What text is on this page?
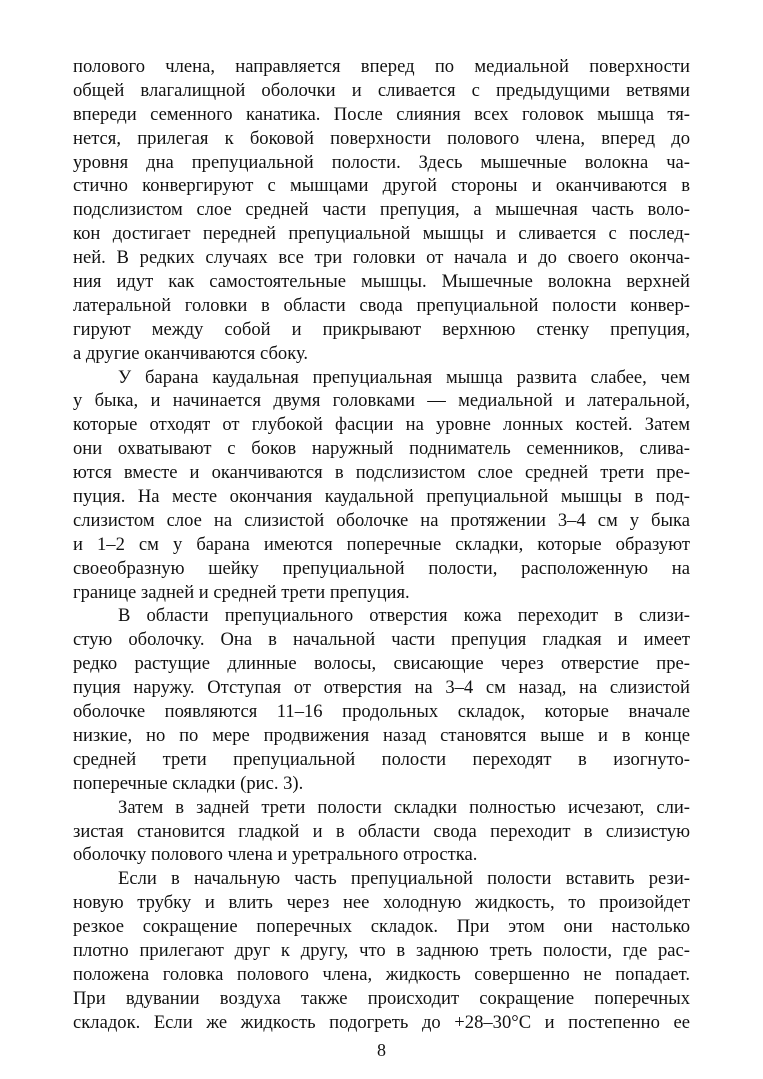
полового члена, направляется вперед по медиальной поверхности
общей влагалищной оболочки и сливается с предыдущими ветвями
впереди семенного канатика. После слияния всех головок мышца тя-
нется, прилегая к боковой поверхности полового члена, вперед до
уровня дна препуциальной полости. Здесь мышечные волокна ча-
стично конвергируют с мышцами другой стороны и оканчиваются в
подслизистом слое средней части препуция, а мышечная часть воло-
кон достигает передней препуциальной мышцы и сливается с послед-
ней. В редких случаях все три головки от начала и до своего оконча-
ния идут как самостоятельные мышцы. Мышечные волокна верхней
латеральной головки в области свода препуциальной полости конвер-
гируют между собой и прикрывают верхнюю стенку препуция,
а другие оканчиваются сбоку.
У барана каудальная препуциальная мышца развита слабее, чем
у быка, и начинается двумя головками — медиальной и латеральной,
которые отходят от глубокой фасции на уровне лонных костей. Затем
они охватывают с боков наружный подниматель семенников, слива-
ются вместе и оканчиваются в подслизистом слое средней трети пре-
пуция. На месте окончания каудальной препуциальной мышцы в под-
слизистом слое на слизистой оболочке на протяжении 3–4 см у быка
и 1–2 см у барана имеются поперечные складки, которые образуют
своеобразную шейку препуциальной полости, расположенную на
границе задней и средней трети препуция.
В области препуциального отверстия кожа переходит в слизи-
стую оболочку. Она в начальной части препуция гладкая и имеет
редко растущие длинные волосы, свисающие через отверстие пре-
пуция наружу. Отступая от отверстия на 3–4 см назад, на слизистой
оболочке появляются 11–16 продольных складок, которые вначале
низкие, но по мере продвижения назад становятся выше и в конце
средней трети препуциальной полости переходят в изогнуто-
поперечные складки (рис. 3).
Затем в задней трети полости складки полностью исчезают, сли-
зистая становится гладкой и в области свода переходит в слизистую
оболочку полового члена и уретрального отростка.
Если в начальную часть препуциальной полости вставить рези-
новую трубку и влить через нее холодную жидкость, то произойдет
резкое сокращение поперечных складок. При этом они настолько
плотно прилегают друг к другу, что в заднюю треть полости, где рас-
положена головка полового члена, жидкость совершенно не попадает.
При вдувании воздуха также происходит сокращение поперечных
складок. Если же жидкость подогреть до +28–30°С и постепенно ее
8
